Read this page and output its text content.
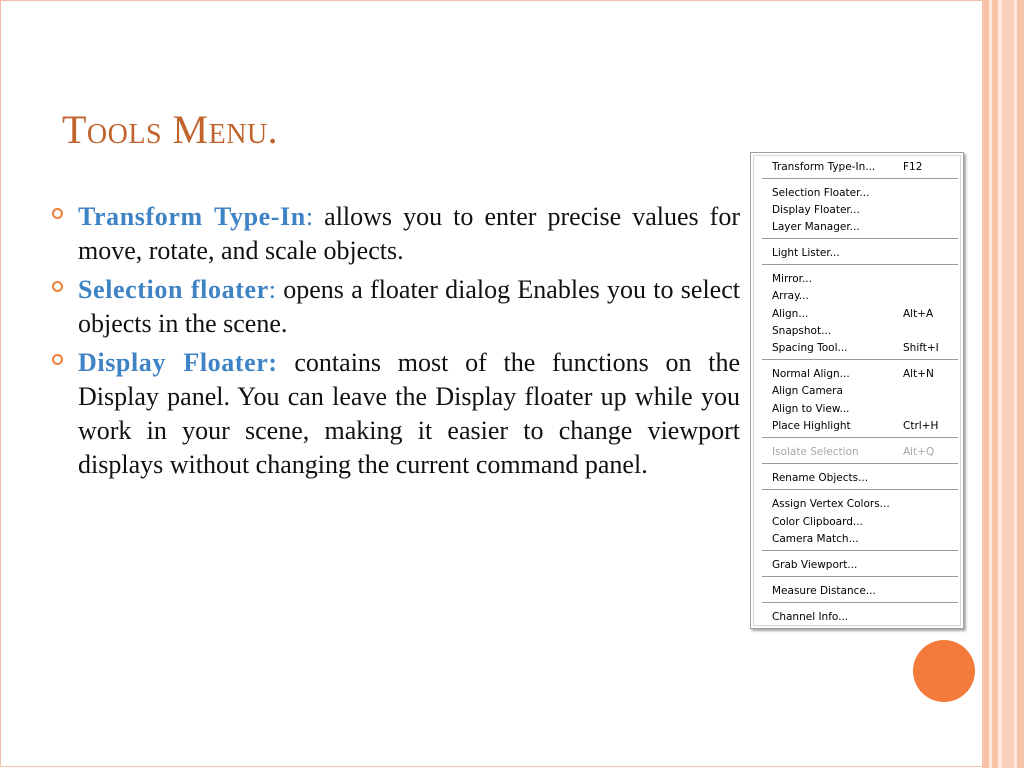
Tools Menu.
Transform Type-In: allows you to enter precise values for move, rotate, and scale objects.
Selection floater: opens a floater dialog Enables you to select objects in the scene.
Display Floater: contains most of the functions on the Display panel. You can leave the Display floater up while you work in your scene, making it easier to change viewport displays without changing the current command panel.
Transform Type-In...	F12
Selection Floater...
Display Floater...
Layer Manager...
Light Lister...
Mirror...
Array...
Align...	Alt+A
Snapshot...
Spacing Tool...	Shift+I
Normal Align...	Alt+N
Align Camera
Align to View...
Place Highlight	Ctrl+H
Isolate Selection	Alt+Q
Rename Objects...
Assign Vertex Colors...
Color Clipboard...
Camera Match...
Grab Viewport...
Measure Distance...
Channel Info...
